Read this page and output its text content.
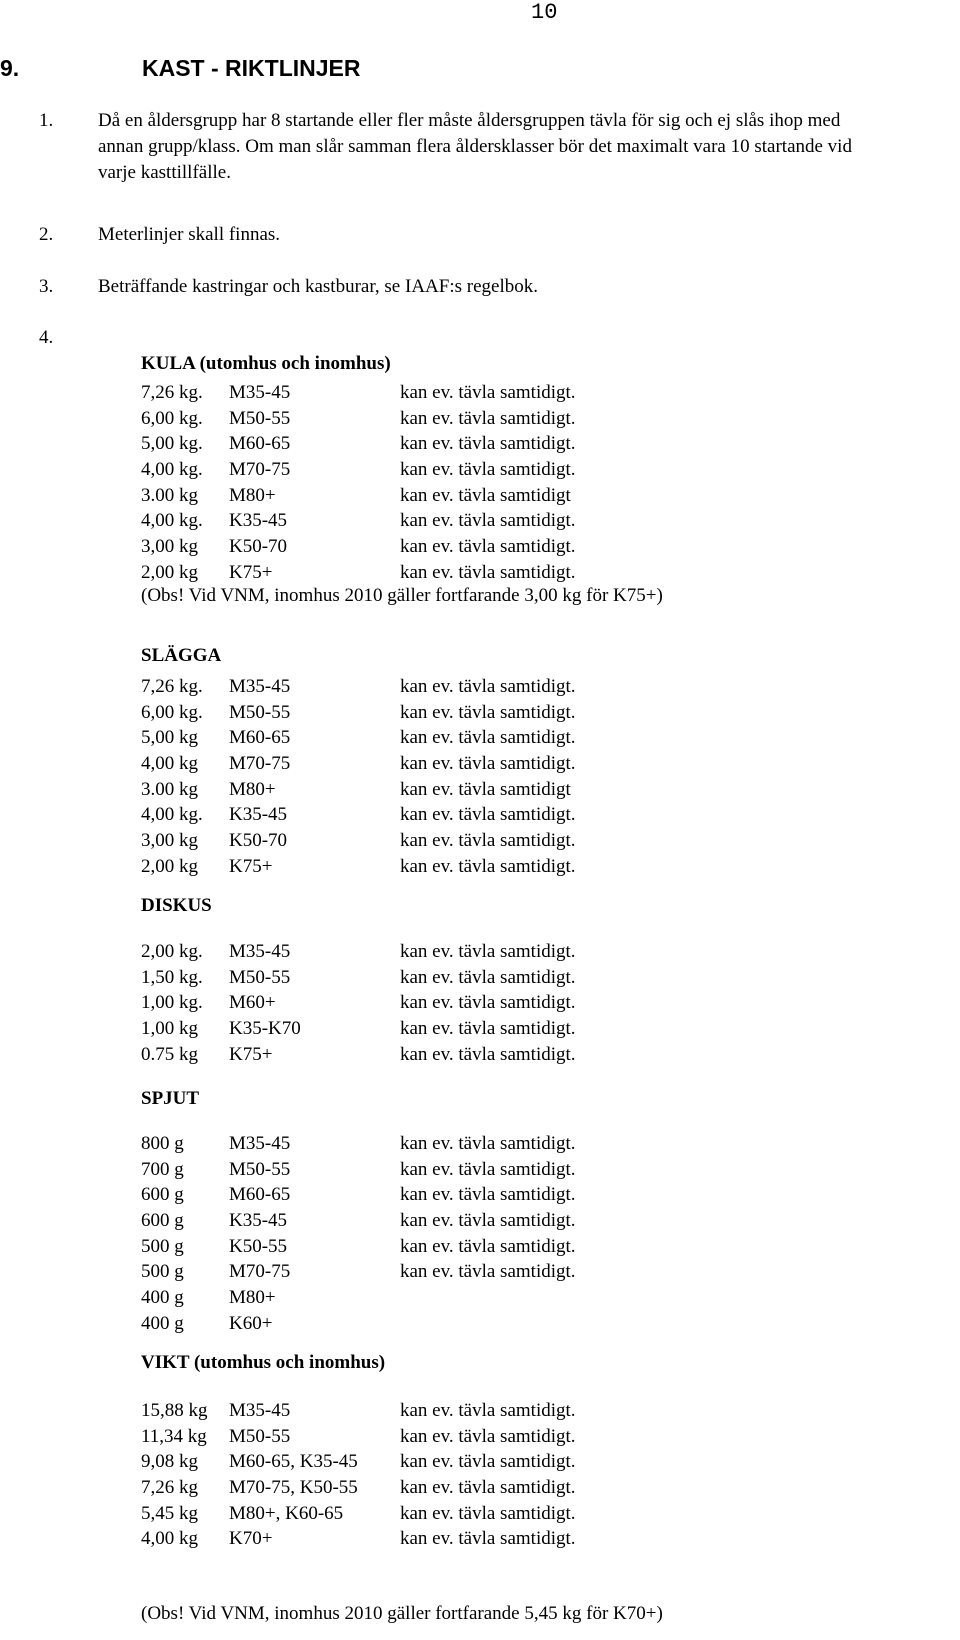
10
9.	KAST - RIKTLINJER
1. Då en åldersgrupp har 8 startande eller fler måste åldersgruppen tävla för sig och ej slås ihop med
annan grupp/klass. Om man slår samman flera åldersklasser bör det maximalt vara 10 startande vid
varje kasttillfälle.
2. Meterlinjer skall finnas.
3. Beträffande kastringar och kastburar, se IAAF:s regelbok.
4.
KULA (utomhus och inomhus)
7,26 kg. M35-45	kan ev. tävla samtidigt.
6,00 kg. M50-55	kan ev. tävla samtidigt.
5,00 kg. M60-65	kan ev. tävla samtidigt.
4,00 kg. M70-75	kan ev. tävla samtidigt.
3.00 kg M80+	kan ev. tävla samtidigt
4,00 kg. K35-45	kan ev. tävla samtidigt.
3,00 kg K50-70	kan ev. tävla samtidigt.
2,00 kg K75+	kan ev. tävla samtidigt.
(Obs! Vid VNM, inomhus 2010 gäller fortfarande 3,00 kg för K75+)
SLÄGGA
7,26 kg. M35-45	kan ev. tävla samtidigt.
6,00 kg. M50-55	kan ev. tävla samtidigt.
5,00 kg M60-65	kan ev. tävla samtidigt.
4,00 kg M70-75	kan ev. tävla samtidigt.
3.00 kg M80+	kan ev. tävla samtidigt
4,00 kg. K35-45	kan ev. tävla samtidigt.
3,00 kg K50-70	kan ev. tävla samtidigt.
2,00 kg K75+	kan ev. tävla samtidigt.
DISKUS
2,00 kg. M35-45	kan ev. tävla samtidigt.
1,50 kg. M50-55	kan ev. tävla samtidigt.
1,00 kg. M60+	kan ev. tävla samtidigt.
1,00 kg K35-K70	kan ev. tävla samtidigt.
0.75 kg K75+	kan ev. tävla samtidigt.
SPJUT
800 g M35-45	kan ev. tävla samtidigt.
700 g M50-55	kan ev. tävla samtidigt.
600 g M60-65	kan ev. tävla samtidigt.
600 g K35-45	kan ev. tävla samtidigt.
500 g K50-55	kan ev. tävla samtidigt.
500 g M70-75	kan ev. tävla samtidigt.
400 g M80+
400 g K60+
VIKT (utomhus och inomhus)
15,88 kg M35-45	kan ev. tävla samtidigt.
11,34 kg M50-55	kan ev. tävla samtidigt.
9,08 kg M60-65, K35-45 kan ev. tävla samtidigt.
7,26 kg M70-75, K50-55 kan ev. tävla samtidigt.
5,45 kg M80+, K60-65	kan ev. tävla samtidigt.
4,00 kg K70+	kan ev. tävla samtidigt.
(Obs! Vid VNM, inomhus 2010 gäller fortfarande 5,45 kg för K70+)
